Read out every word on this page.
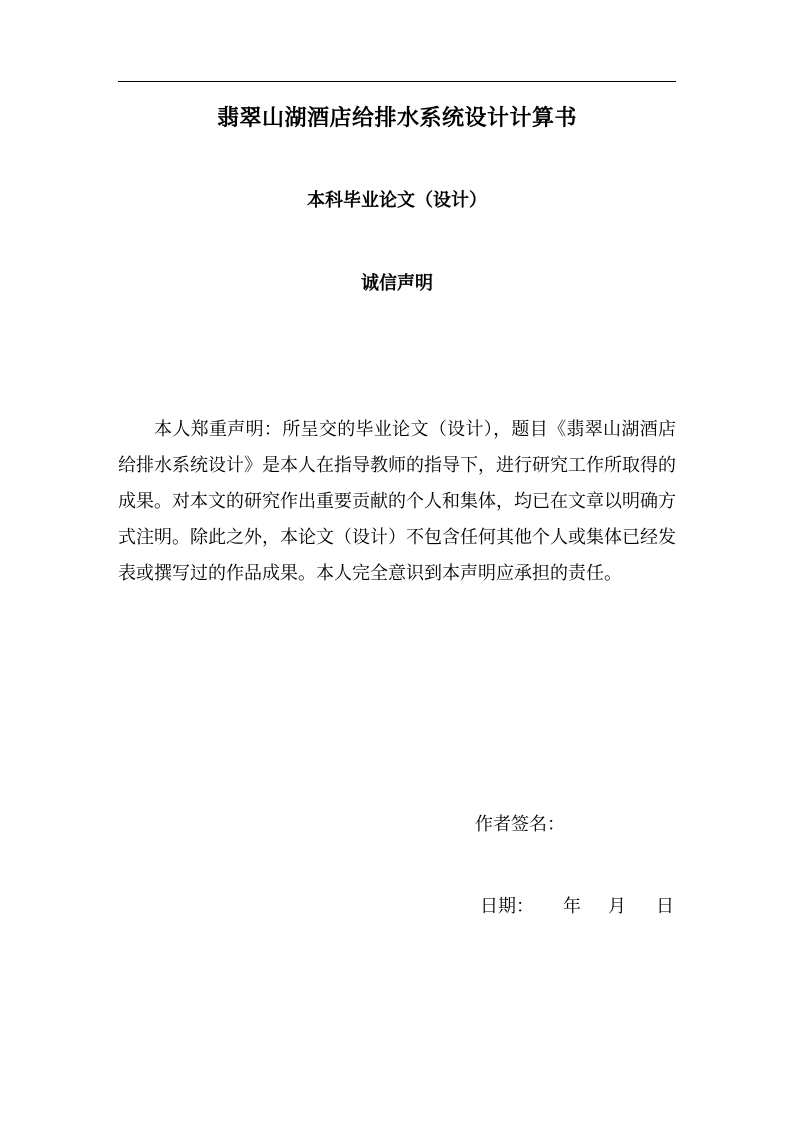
翡翠山湖酒店给排水系统设计计算书
本科毕业论文（设计）
诚信声明

本人郑重声明：所呈交的毕业论文（设计），题目《翡翠山湖酒店给排水系统设计》是本人在指导教师的指导下，进行研究工作所取得的成果。对本文的研究作出重要贡献的个人和集体，均已在文章以明确方式注明。除此之外，本论文（设计）不包含任何其他个人或集体已经发表或撰写过的作品成果。本人完全意识到本声明应承担的责任。

作者签名：
日期： 年 月 日
